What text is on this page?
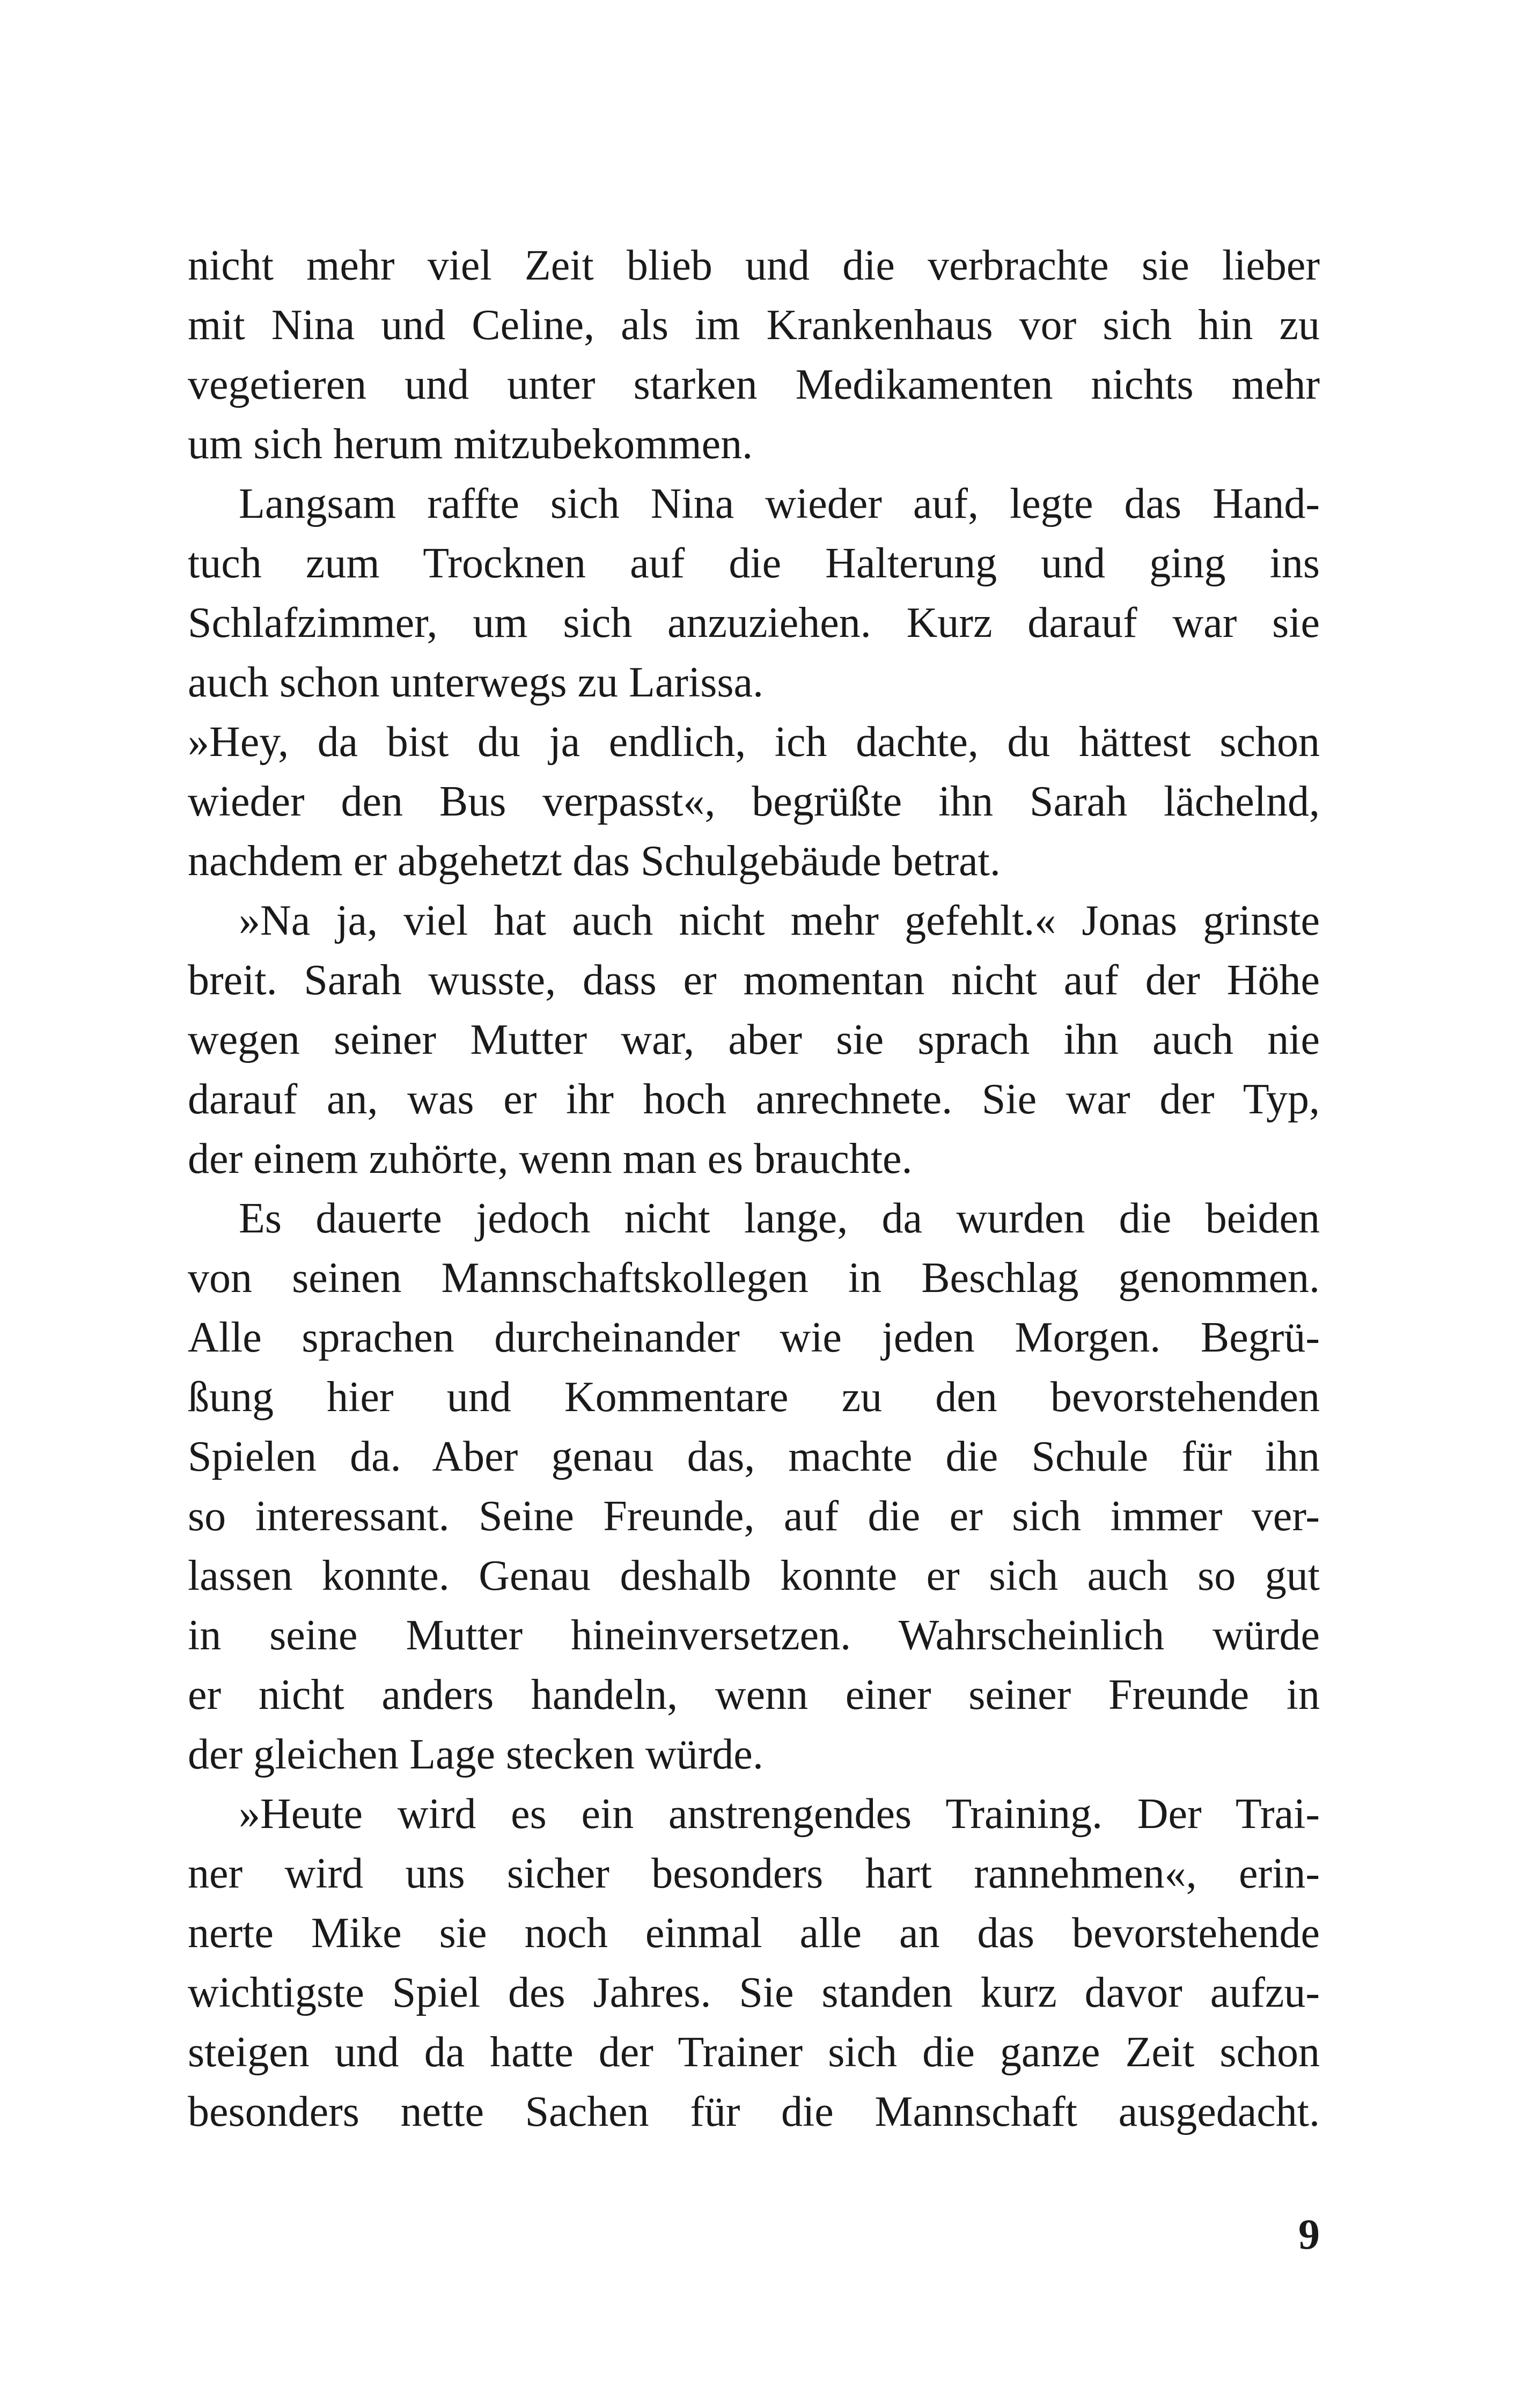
nicht mehr viel Zeit blieb und die verbrachte sie lieber
mit Nina und Celine, als im Krankenhaus vor sich hin zu
vegetieren und unter starken Medikamenten nichts mehr
um sich herum mitzubekommen.
Langsam raffte sich Nina wieder auf, legte das Hand-
tuch zum Trocknen auf die Halterung und ging ins
Schlafzimmer, um sich anzuziehen. Kurz darauf war sie
auch schon unterwegs zu Larissa.
»Hey, da bist du ja endlich, ich dachte, du hättest schon
wieder den Bus verpasst«, begrüßte ihn Sarah lächelnd,
nachdem er abgehetzt das Schulgebäude betrat.
»Na ja, viel hat auch nicht mehr gefehlt.« Jonas grinste
breit. Sarah wusste, dass er momentan nicht auf der Höhe
wegen seiner Mutter war, aber sie sprach ihn auch nie
darauf an, was er ihr hoch anrechnete. Sie war der Typ,
der einem zuhörte, wenn man es brauchte.
Es dauerte jedoch nicht lange, da wurden die beiden
von seinen Mannschaftskollegen in Beschlag genommen.
Alle sprachen durcheinander wie jeden Morgen. Begrü-
ßung hier und Kommentare zu den bevorstehenden
Spielen da. Aber genau das, machte die Schule für ihn
so interessant. Seine Freunde, auf die er sich immer ver-
lassen konnte. Genau deshalb konnte er sich auch so gut
in seine Mutter hineinversetzen. Wahrscheinlich würde
er nicht anders handeln, wenn einer seiner Freunde in
der gleichen Lage stecken würde.
»Heute wird es ein anstrengendes Training. Der Trai-
ner wird uns sicher besonders hart rannehmen«, erin-
nerte Mike sie noch einmal alle an das bevorstehende
wichtigste Spiel des Jahres. Sie standen kurz davor aufzu-
steigen und da hatte der Trainer sich die ganze Zeit schon
besonders nette Sachen für die Mannschaft ausgedacht.
9
